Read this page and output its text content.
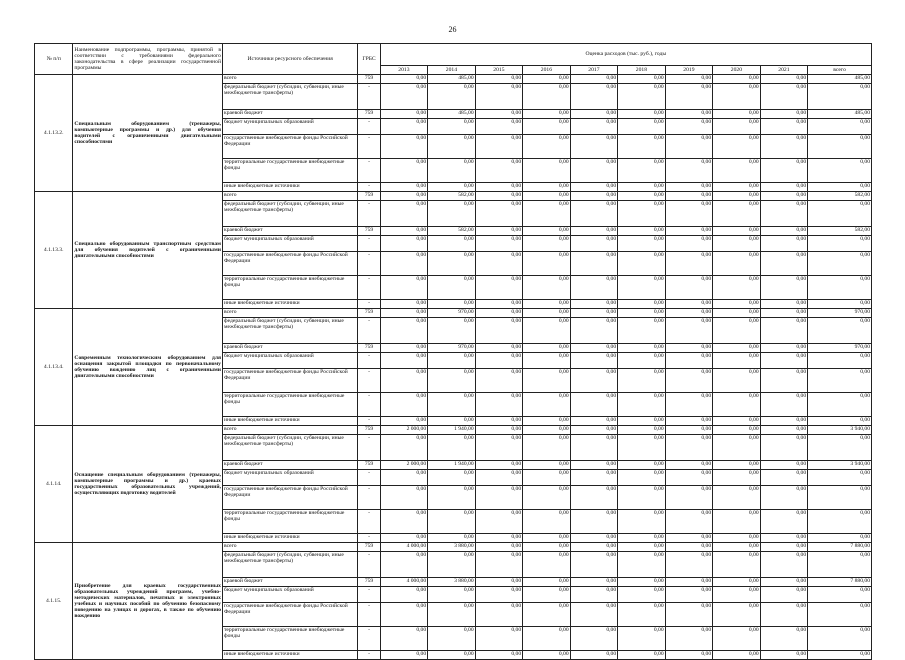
26
№ п/п	Наименование подпрограммы, программы, принятой в соответствии с требованиями федерального законодательства в сфере реализации государственной программы	Источники ресурсного обеспечения	ГРБС	Оценка расходов (тыс. руб.), годы									
				2013	2014	2015	2016	2017	2018	2019	2020	2021	всего
4.1.13.2.	Специальным оборудованием (тренажеры, компьютерные программы и др.) для обучения водителей с ограниченными двигательными способностями	всего	759	0,00	485,00	0,00	0,00	0,00	0,00	0,00	0,00	0,00	485,00
		федеральный бюджет (субсидии, субвенции, иные межбюджетные трансферты)	-	0,00	0,00	0,00	0,00	0,00	0,00	0,00	0,00	0,00	0,00
		краевой бюджет	759	0,00	485,00	0,00	0,00	0,00	0,00	0,00	0,00	0,00	485,00
		бюджет муниципальных образований	-	0,00	0,00	0,00	0,00	0,00	0,00	0,00	0,00	0,00	0,00
		государственные внебюджетные фонды Российской Федерации	-	0,00	0,00	0,00	0,00	0,00	0,00	0,00	0,00	0,00	0,00
		территориальные государственные внебюджетные фонды	-	0,00	0,00	0,00	0,00	0,00	0,00	0,00	0,00	0,00	0,00
		иные внебюджетные источники	-	0,00	0,00	0,00	0,00	0,00	0,00	0,00	0,00	0,00	0,00
4.1.13.3.	Специально оборудованным транспортным средствам для обучения водителей с ограниченными двигательными способностями	всего	759	0,00	582,00	0,00	0,00	0,00	0,00	0,00	0,00	0,00	582,00
		федеральный бюджет (субсидии, субвенции, иные межбюджетные трансферты)	-	0,00	0,00	0,00	0,00	0,00	0,00	0,00	0,00	0,00	0,00
		краевой бюджет	759	0,00	582,00	0,00	0,00	0,00	0,00	0,00	0,00	0,00	582,00
		бюджет муниципальных образований	-	0,00	0,00	0,00	0,00	0,00	0,00	0,00	0,00	0,00	0,00
		государственные внебюджетные фонды Российской Федерации	-	0,00	0,00	0,00	0,00	0,00	0,00	0,00	0,00	0,00	0,00
		территориальные государственные внебюджетные фонды	-	0,00	0,00	0,00	0,00	0,00	0,00	0,00	0,00	0,00	0,00
		иные внебюджетные источники	-	0,00	0,00	0,00	0,00	0,00	0,00	0,00	0,00	0,00	0,00
4.1.13.4.	Современным технологическим оборудованием для оснащения закрытой площадки по первоначальному обучению вождению лиц с ограниченными двигательными способностями	всего	759	0,00	970,00	0,00	0,00	0,00	0,00	0,00	0,00	0,00	970,00
		федеральный бюджет (субсидии, субвенции, иные межбюджетные трансферты)	-	0,00	0,00	0,00	0,00	0,00	0,00	0,00	0,00	0,00	0,00
		краевой бюджет	759	0,00	970,00	0,00	0,00	0,00	0,00	0,00	0,00	0,00	970,00
		бюджет муниципальных образований	-	0,00	0,00	0,00	0,00	0,00	0,00	0,00	0,00	0,00	0,00
		государственные внебюджетные фонды Российской Федерации	-	0,00	0,00	0,00	0,00	0,00	0,00	0,00	0,00	0,00	0,00
		территориальные государственные внебюджетные фонды	-	0,00	0,00	0,00	0,00	0,00	0,00	0,00	0,00	0,00	0,00
		иные внебюджетные источники	-	0,00	0,00	0,00	0,00	0,00	0,00	0,00	0,00	0,00	0,00
4.1.14.	Оснащение специальным оборудованием (тренажеры, компьютерные программы и др.) краевых государственных образовательных учреждений, осуществляющих подготовку водителей	всего	759	2 000,00	1 940,00	0,00	0,00	0,00	0,00	0,00	0,00	0,00	3 940,00
		федеральный бюджет (субсидии, субвенции, иные межбюджетные трансферты)	-	0,00	0,00	0,00	0,00	0,00	0,00	0,00	0,00	0,00	0,00
		краевой бюджет	759	2 000,00	1 940,00	0,00	0,00	0,00	0,00	0,00	0,00	0,00	3 940,00
		бюджет муниципальных образований	-	0,00	0,00	0,00	0,00	0,00	0,00	0,00	0,00	0,00	0,00
		государственные внебюджетные фонды Российской Федерации	-	0,00	0,00	0,00	0,00	0,00	0,00	0,00	0,00	0,00	0,00
		территориальные государственные внебюджетные фонды	-	0,00	0,00	0,00	0,00	0,00	0,00	0,00	0,00	0,00	0,00
		иные внебюджетные источники	-	0,00	0,00	0,00	0,00	0,00	0,00	0,00	0,00	0,00	0,00
4.1.15.	Приобретение для краевых государственных образовательных учреждений программ, учебно-методических материалов, печатных и электронных учебных и научных пособий по обучению безопасному поведению на улицах и дорогах, в также по обучению вождению	всего	759	4 000,00	3 880,00	0,00	0,00	0,00	0,00	0,00	0,00	0,00	7 880,00
		федеральный бюджет (субсидии, субвенции, иные межбюджетные трансферты)	-	0,00	0,00	0,00	0,00	0,00	0,00	0,00	0,00	0,00	0,00
		краевой бюджет	759	4 000,00	3 880,00	0,00	0,00	0,00	0,00	0,00	0,00	0,00	7 880,00
		бюджет муниципальных образований	-	0,00	0,00	0,00	0,00	0,00	0,00	0,00	0,00	0,00	0,00
		государственные внебюджетные фонды Российской Федерации	-	0,00	0,00	0,00	0,00	0,00	0,00	0,00	0,00	0,00	0,00
		территориальные государственные внебюджетные фонды	-	0,00	0,00	0,00	0,00	0,00	0,00	0,00	0,00	0,00	0,00
		иные внебюджетные источники	-	0,00	0,00	0,00	0,00	0,00	0,00	0,00	0,00	0,00	0,00
